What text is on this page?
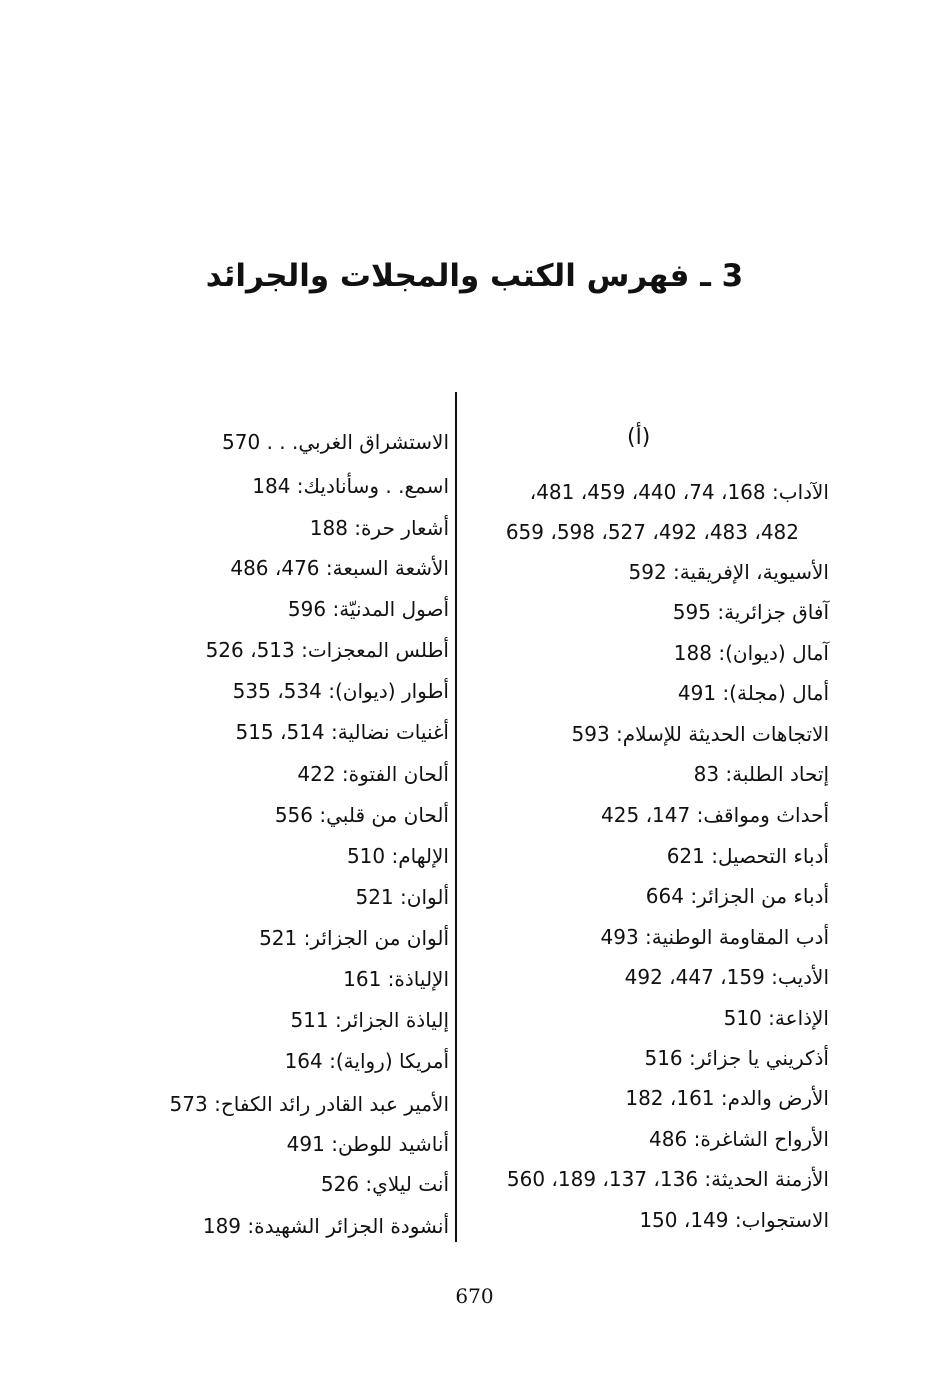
3 ـ فهرس الكتب والمجلات والجرائد
(أ)
الآداب: 168، 74، 440، 459، 481،
482، 483، 492، 527، 598، 659
الأسيوية، الإفريقية: 592
آفاق جزائرية: 595
آمال (ديوان): 188
أمال (مجلة): 491
الاتجاهات الحديثة للإسلام: 593
إتحاد الطلبة: 83
أحداث ومواقف: 147، 425
أدباء التحصيل: 621
أدباء من الجزائر: 664
أدب المقاومة الوطنية: 493
الأديب: 159، 447، 492
الإذاعة: 510
أذكريني يا جزائر: 516
الأرض والدم: 161، 182
الأرواح الشاغرة: 486
الأزمنة الحديثة: 136، 137، 189، 560
الاستجواب: 149، 150
الاستشراق الغربي. . . 570
اسمع. . وسأناديك: 184
أشعار حرة: 188
الأشعة السبعة: 476، 486
أصول المدنيّة: 596
أطلس المعجزات: 513، 526
أطوار (ديوان): 534، 535
أغنيات نضالية: 514، 515
ألحان الفتوة: 422
ألحان من قلبي: 556
الإلهام: 510
ألوان: 521
ألوان من الجزائر: 521
الإلياذة: 161
إلياذة الجزائر: 511
أمريكا (رواية): 164
الأمير عبد القادر رائد الكفاح: 573
أناشيد للوطن: 491
أنت ليلاي: 526
أنشودة الجزائر الشهيدة: 189
670
